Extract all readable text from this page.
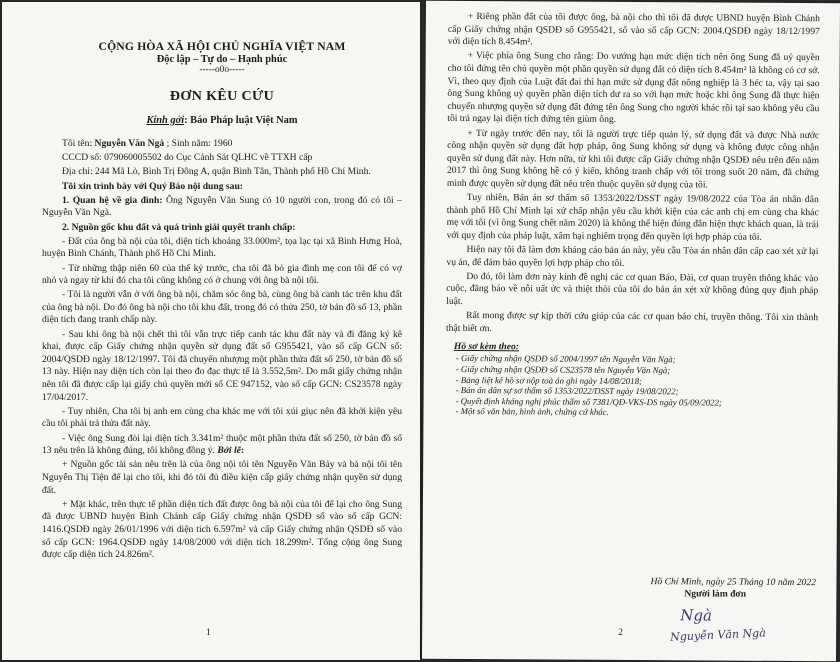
CỘNG HÒA XÃ HỘI CHỦ NGHĨA VIỆT NAM

Độc lập – Tự do – Hạnh phúc

-----o0o-----

ĐƠN KÊU CỨU

Kính gởi: Báo Pháp luật Việt Nam

Tôi tên: Nguyễn Văn Ngà ; Sinh năm: 1960

CCCD số: 079060005502 do Cục Cảnh Sát QLHC về TTXH cấp

Địa chỉ: 244 Mã Lò, Bình Trị Đông A, quận Bình Tân, Thành phố Hồ Chí Minh.

Tôi xin trình bày với Quý Báo nội dung sau:

1. Quan hệ về gia đình: Ông Nguyễn Văn Sung có 10 người con, trong đó có tôi – Nguyễn Văn Ngà.

2. Nguồn gốc khu đất và quá trình giải quyết tranh chấp:

- Đất của ông bà nội của tôi, diện tích khoảng 33.000m², tọa lạc tại xã Bình Hưng Hoà, huyện Bình Chánh, Thành phố Hồ Chí Minh.

- Từ những thập niên 60 của thế kỷ trước, cha tôi đã bỏ gia đình mẹ con tôi để có vợ nhỏ và ngay từ khi đó cha tôi cũng không có ở chung với ông bà nội tôi.

- Tôi là người vẫn ở với ông bà nội, chăm sóc ông bà, cùng ông bà canh tác trên khu đất của ông bà nội. Do đó ông bà nội cho tôi khu đất, trong đó có thửa 250, tờ bản đồ số 13, phần diện tích đang tranh chấp này.

- Sau khi ông bà nội chết thì tôi vẫn trực tiếp canh tác khu đất này và đi đăng ký kê khai, được cấp Giấy chứng nhận quyền sử dụng đất số G955421, vào sổ cấp GCN số: 2004/QSDĐ ngày 18/12/1997. Tôi đã chuyển nhượng một phần thửa đất số 250, tờ bản đồ số 13 này. Hiện nay diện tích còn lại theo đo đạc thực tế là 3.552,5m². Do mất giấy chứng nhận nên tôi đã được cấp lại giấy chủ quyền mới số CE 947152, vào sổ cấp GCN: CS23578 ngày 17/04/2017.

- Tuy nhiên, Cha tôi bị anh em cùng cha khác mẹ với tôi xúi giục nên đã khởi kiện yêu cầu tôi phải trả thửa đất này.

- Việc ông Sung đòi lại diện tích 3.341m² thuộc một phần thửa đất số 250, tờ bản đồ số 13 nêu trên là không đúng, tôi không đồng ý. Bởi lẽ:

+ Nguồn gốc tài sản nêu trên là của ông nội tôi tên Nguyễn Văn Bảy và bà nội tôi tên Nguyễn Thị Tiện để lại cho tôi, khi đó tôi đủ điều kiện cấp giấy chứng nhận quyền sử dụng đất.

+ Mặt khác, trên thực tế phần diện tích đất được ông bà nội của tôi để lại cho ông Sung đã được UBND huyện Bình Chánh cấp Giấy chứng nhận QSDĐ số vào sổ cấp GCN: 1416.QSDĐ ngày 26/01/1996 với diện tích 6.597m² và cấp Giấy chứng nhận QSDĐ số vào sổ cấp GCN: 1964.QSDĐ ngày 14/08/2000 với diện tích 18.299m². Tổng cộng ông Sung được cấp diện tích 24.826m².

1

+ Riêng phần đất của tôi được ông, bà nội cho thì tôi đã được UBND huyện Bình Chánh cấp Giấy chứng nhận QSDĐ số G955421, số vào sổ cấp GCN: 2004.QSDĐ ngày 18/12/1997 với diện tích 8.454m².

+ Việc phía ông Sung cho rằng: Do vướng hạn mức diện tích nên ông Sung đã uỷ quyền cho tôi đứng tên chủ quyền một phần quyền sử dụng đất có diện tích 8.454m² là không có cơ sở. Vì, theo quy định của Luật đất đai thì hạn mức sử dụng đất nông nghiệp là 3 héc ta, vậy tại sao ông Sung không uỷ quyền phần diện tích dư ra so với hạn mức hoặc khi ông Sung đã thực hiện chuyển nhượng quyền sử dụng đất đứng tên ông Sung cho người khác rồi tại sao không yêu cầu tôi trả ngay lại diện tích đứng tên giùm ông.

+ Từ ngày trước đến nay, tôi là người trực tiếp quản lý, sử dụng đất và được Nhà nước công nhận quyền sử dụng đất hợp pháp, ông Sung không sử dụng và không được công nhận quyền sử dụng đất này. Hơn nữa, từ khi tôi được cấp Giấy chứng nhận QSDĐ nêu trên đến năm 2017 thì ông Sung không hề có ý kiến, không tranh chấp với tôi trong suốt 20 năm, đã chứng minh được quyền sử dụng đất nêu trên thuộc quyền sử dụng của tôi.

Tuy nhiên, Bản án sơ thẩm số 1353/2022/DSST ngày 19/08/2022 của Tòa án nhân dân thành phố Hồ Chí Minh lại xử chấp nhận yêu cầu khởi kiện của các anh chị em cùng cha khác mẹ với tôi (vì ông Sung chết năm 2020) là không thể hiện đúng đắn hiện thực khách quan, là trái với quy định của pháp luật, xâm hại nghiêm trọng đến quyền lợi hợp pháp của tôi.

Hiện nay tôi đã làm đơn kháng cáo bản án này, yêu cầu Tòa án nhân dân cấp cao xét xử lại vụ án, để đảm bảo quyền lợi hợp pháp cho tôi.

Do đó, tôi làm đơn này kính đề nghị các cơ quan Báo, Đài, cơ quan truyền thông khác vào cuộc, đăng báo về nỗi uất ức và thiệt thòi của tôi do bản án xét xử không đúng quy định pháp luật.

Rất mong được sự kịp thời cứu giúp của các cơ quan báo chí, truyền thông. Tôi xin thành thật biết ơn.

Hồ sơ kèm theo:

- Giấy chứng nhận QSDĐ số 2004/1997 tên Nguyễn Văn Ngà;

- Giấy chứng nhận QSDĐ số CS23578 tên Nguyễn Văn Ngà;

- Bảng liệt kê hồ sơ nộp toà án ghi ngày 14/08/2018;

- Bản án dân sự sơ thẩm số 1353/2022/DSST ngày 19/08/2022;

- Quyết định kháng nghị phúc thẩm số 7381/QĐ-VKS-DS ngày 05/09/2022;

- Một số văn bản, hình ảnh, chứng cứ khác.

Hồ Chí Minh, ngày 25 Tháng 10 năm 2022
Người làm đơn
Ngà
Nguyễn Văn Ngà
2
